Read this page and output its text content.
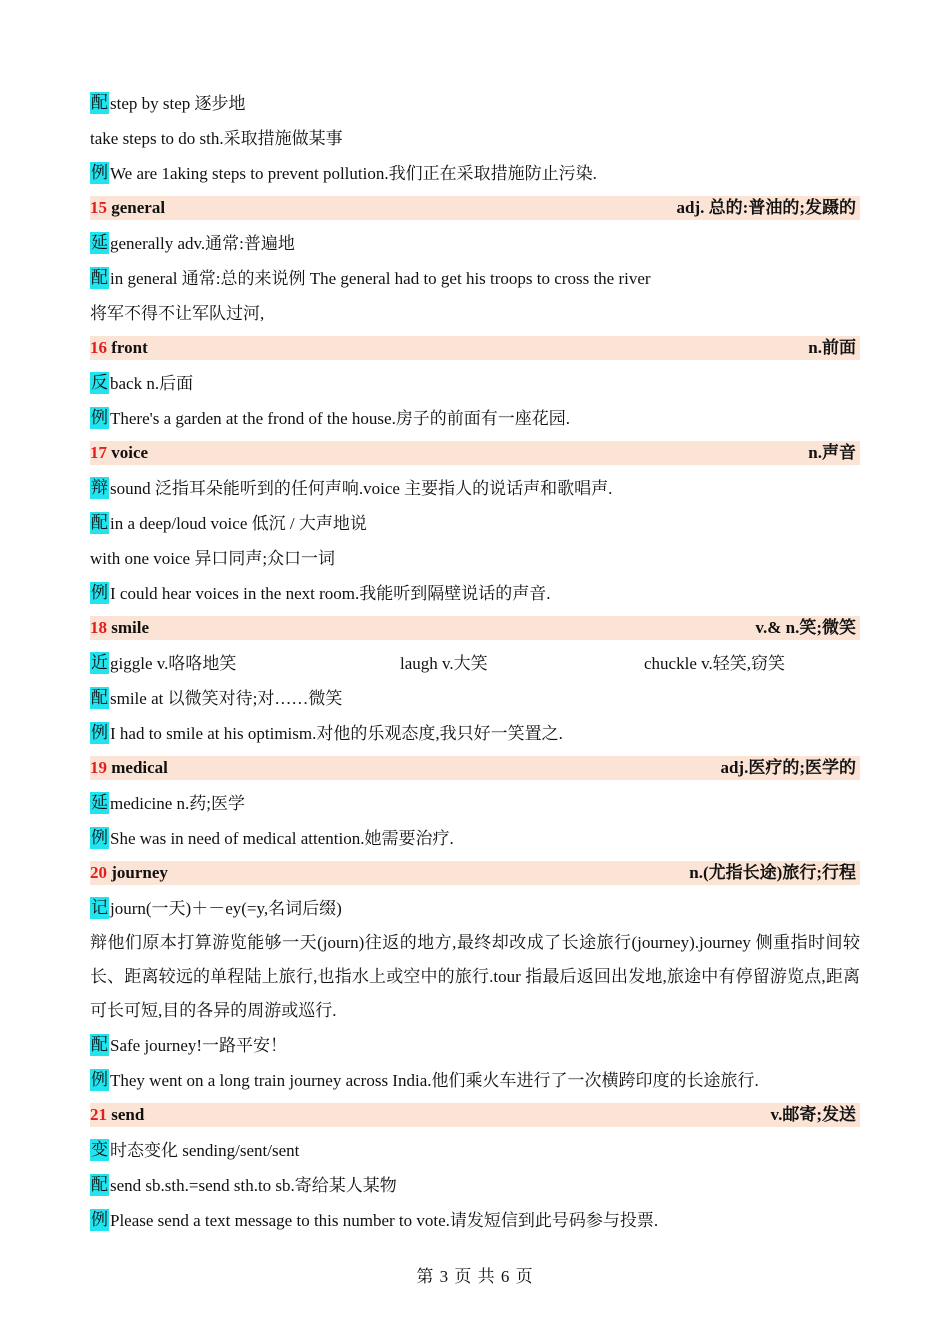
配 step by step 逐步地
take steps to do sth.采取措施做某事
例 We are 1aking steps to prevent pollution.我们正在采取措施防止污染.
15 general	adj. 总的:普油的;发蹑的
延 generally adv.通常:普遍地
配 in general 通常:总的来说例 The general had to get his troops to cross the river
将军不得不让军队过河,
16 front	n.前面
反 back n.后面
例 There's a garden at the frond of the house.房子的前面有一座花园.
17 voice	n.声音
辩 sound 泛指耳朵能听到的任何声响.voice 主要指人的说话声和歌唱声.
配 in a deep/loud voice 低沉 / 大声地说
with one voice 异口同声;众口一词
例 I could hear voices in the next room.我能听到隔壁说话的声音.
18 smile	v.& n.笑;微笑
近 giggle v.咯咯地笑	laugh v.大笑	chuckle v.轻笑,窃笑
配 smile at 以微笑对待;对……微笑
例 I had to smile at his optimism.对他的乐观态度,我只好一笑置之.
19 medical	adj.医疗的;医学的
延 medicine n.药;医学
例 She was in need of medical attention.她需要治疗.
20 journey	n.(尤指长途)旅行;行程
记 journ(一天)＋－ey(=y,名词后缀)
辩他们原本打算游览能够一天(journ)往返的地方,最终却改成了长途旅行(journey).journey 侧重指时间较长、距离较远的单程陆上旅行,也指水上或空中的旅行.tour 指最后返回出发地,旅途中有停留游览点,距离可长可短,目的各异的周游或巡行.
配 Safe journey!一路平安！
例 They went on a long train journey across India.他们乘火车进行了一次横跨印度的长途旅行.
21 send	v.邮寄;发送
变 时态变化 sending/sent/sent
配 send sb.sth.=send sth.to sb.寄给某人某物
例 Please send a text message to this number to vote.请发短信到此号码参与投票.
第 3 页 共 6 页
